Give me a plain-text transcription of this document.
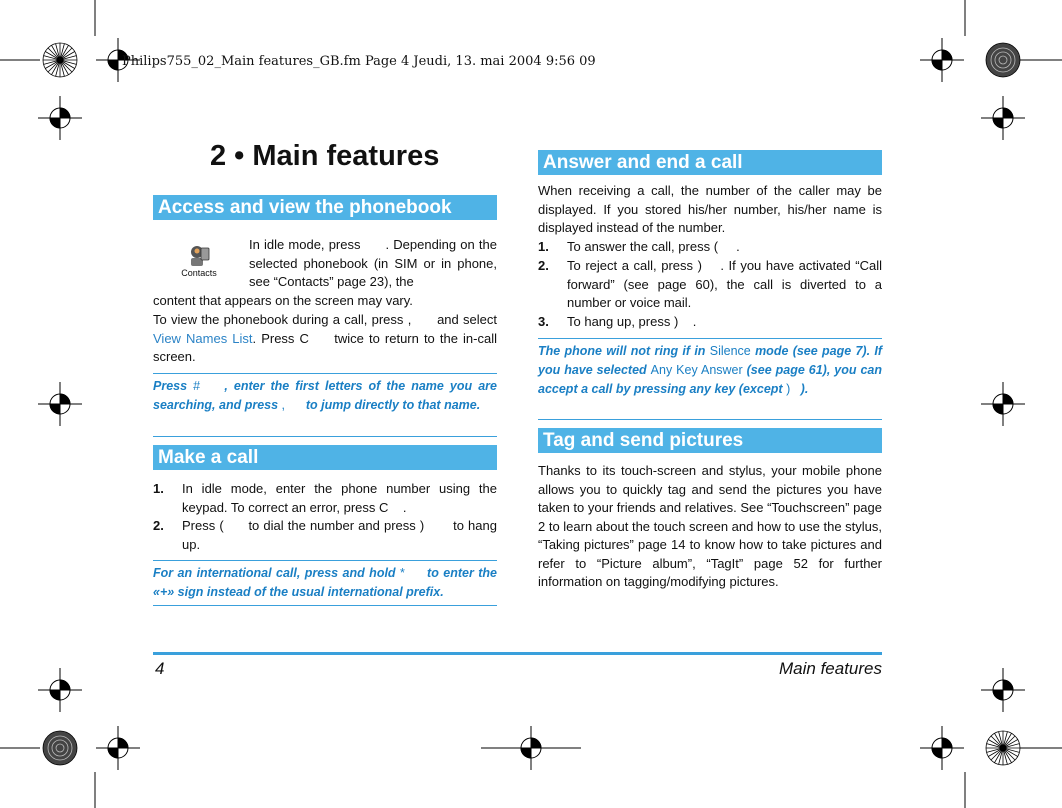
Philips755_02_Main features_GB.fm Page 4 Jeudi, 13. mai 2004 9:56 09
2 • Main features
Access and view the phonebook
Contacts
In idle mode, press . Depending on the selected phonebook (in SIM or in phone, see “Contacts” page 23), the
content that appears on the screen may vary.
To view the phonebook during a call, press , and select View Names List. Press C twice to return to the in-call screen.
Press # , enter the first letters of the name you are searching, and press , to jump directly to that name.
Make a call
1. In idle mode, enter the phone number using the keypad. To correct an error, press C .
2. Press ( to dial the number and press ) to hang up.
For an international call, press and hold * to enter the «+» sign instead of the usual international prefix.
Answer and end a call
When receiving a call, the number of the caller may be displayed. If you stored his/her number, his/her name is displayed instead of the number.
1. To answer the call, press ( .
2. To reject a call, press ) . If you have activated “Call forward” (see page 60), the call is diverted to a number or voice mail.
3. To hang up, press ) .
The phone will not ring if in Silence mode (see page 7). If you have selected Any Key Answer (see page 61), you can accept a call by pressing any key (except ) ).
Tag and send pictures
Thanks to its touch-screen and stylus, your mobile phone allows you to quickly tag and send the pictures you have taken to your friends and relatives. See “Touchscreen” page 2 to learn about the touch screen and how to use the stylus, “Taking pictures” page 14 to know how to take pictures and refer to “Picture album”, “TagIt” page 52 for further information on tagging/modifying pictures.
4	Main features
